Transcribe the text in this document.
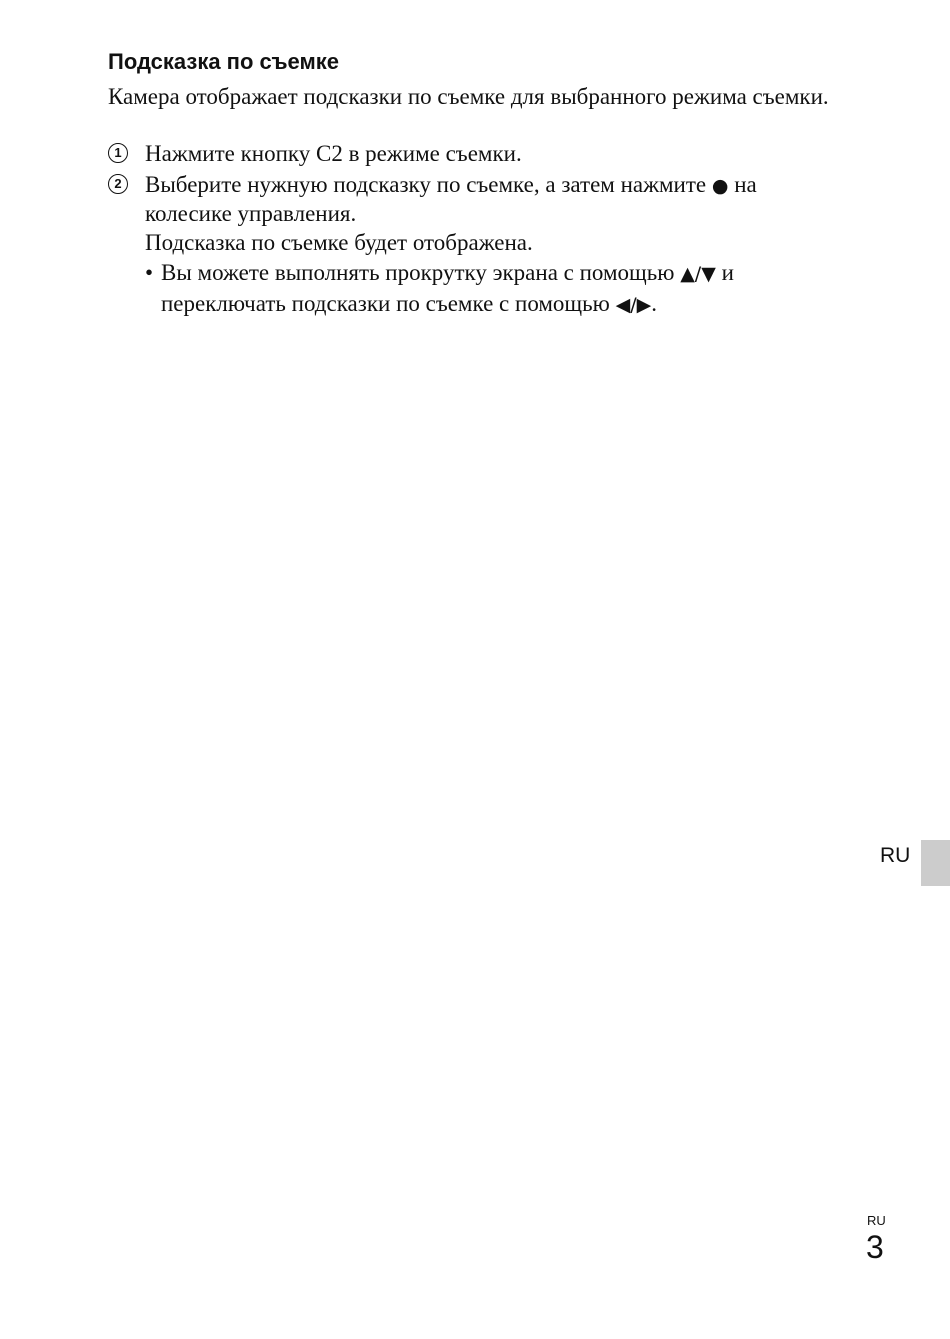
Подсказка по съемке

Камера отображает подсказки по съемке для выбранного режима съемки.

1 Нажмите кнопку C2 в режиме съемки.
2 Выберите нужную подсказку по съемке, а затем нажмите ● на колесике управления.

Подсказка по съемке будет отображена.

• Вы можете выполнять прокрутку экрана с помощью ▲/▼ и переключать подсказки по съемке с помощью ◀/▶.
RU
RU
3
